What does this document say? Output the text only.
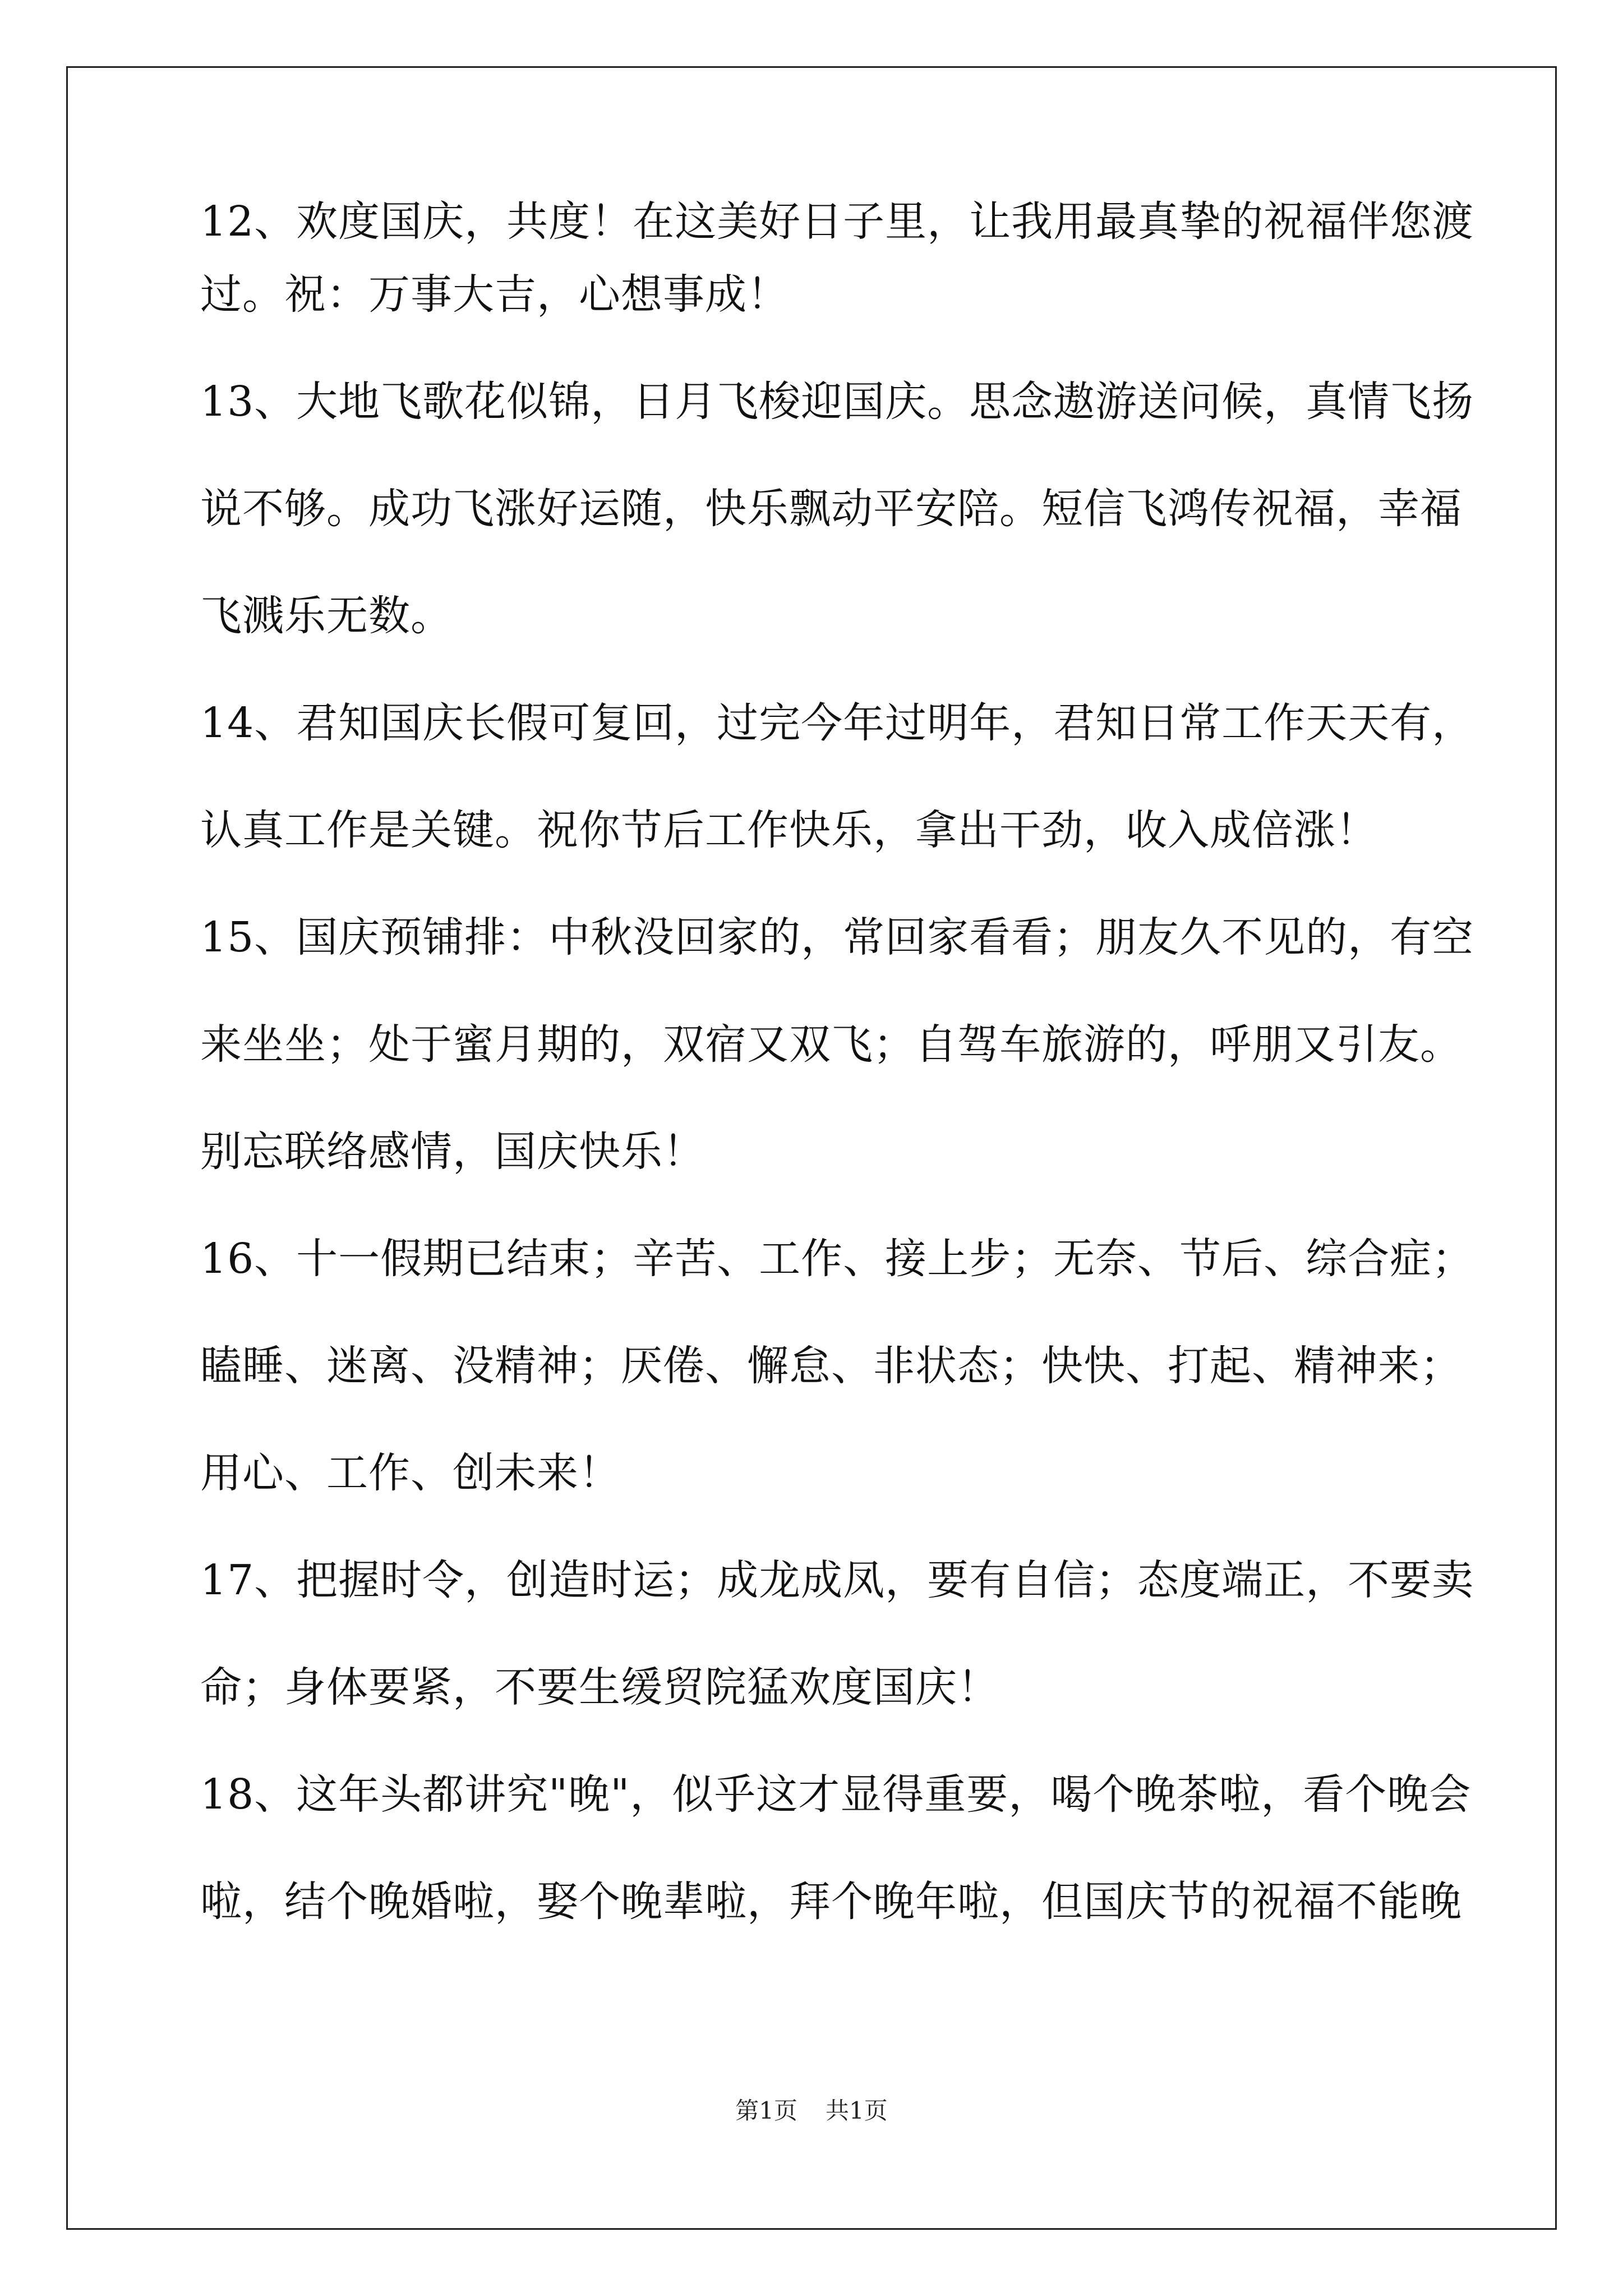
12、欢度国庆，共度！在这美好日子里，让我用最真挚的祝福伴您渡
过。祝：万事大吉，心想事成！
13、大地飞歌花似锦，日月飞梭迎国庆。思念遨游送问候，真情飞扬
说不够。成功飞涨好运随，快乐飘动平安陪。短信飞鸿传祝福，幸福
飞溅乐无数。
14、君知国庆长假可复回，过完今年过明年，君知日常工作天天有，
认真工作是关键。祝你节后工作快乐，拿出干劲，收入成倍涨！
15、国庆预铺排：中秋没回家的，常回家看看；朋友久不见的，有空
来坐坐；处于蜜月期的，双宿又双飞；自驾车旅游的，呼朋又引友。
别忘联络感情，国庆快乐！
16、十一假期已结束；辛苦、工作、接上步；无奈、节后、综合症；
瞌睡、迷离、没精神；厌倦、懈怠、非状态；快快、打起、精神来；
用心、工作、创未来！
17、把握时令，创造时运；成龙成凤，要有自信；态度端正，不要卖
命；身体要紧，不要生缓贸院猛欢度国庆！
18、这年头都讲究"晚"，似乎这才显得重要，喝个晚茶啦，看个晚会
啦，结个晚婚啦，娶个晚辈啦，拜个晚年啦，但国庆节的祝福不能晚
第1页 共1页
